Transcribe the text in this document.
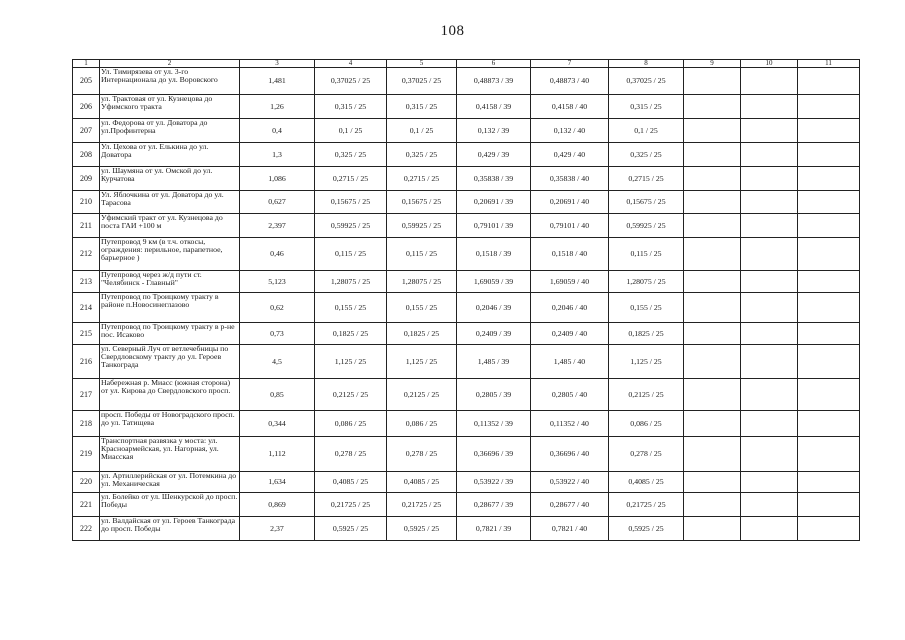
108
1	2	3	4	5	6	7	8	9	10	11
205	Ул. Тимирязева от ул. 3-го Интернационала до ул. Воровского	1,481	0,37025 / 25	0,37025 / 25	0,48873 / 39	0,48873 / 40	0,37025 / 25			
206	ул. Трактовая от ул. Кузнецова до Уфимского тракта	1,26	0,315 / 25	0,315 / 25	0,4158 / 39	0,4158 / 40	0,315 / 25			
207	ул. Федорова от ул. Доватора до ул.Профинтерна	0,4	0,1 / 25	0,1 / 25	0,132 / 39	0,132 / 40	0,1 / 25			
208	Ул. Цехова от ул. Елькина до ул. Доватора	1,3	0,325 / 25	0,325 / 25	0,429 / 39	0,429 / 40	0,325 / 25			
209	ул. Шаумяна от ул. Омской до ул. Курчатова	1,086	0,2715 / 25	0,2715 / 25	0,35838 / 39	0,35838 / 40	0,2715 / 25			
210	Ул. Яблочкина от ул. Доватора до ул. Тарасова	0,627	0,15675 / 25	0,15675 / 25	0,20691 / 39	0,20691 / 40	0,15675 / 25			
211	Уфимский тракт от ул. Кузнецова до поста ГАИ +100 м	2,397	0,59925 / 25	0,59925 / 25	0,79101 / 39	0,79101 / 40	0,59925 / 25			
212	Путепровод 9 км (в т.ч. откосы, ограждения: перильное, парапетное, барьерное )	0,46	0,115 / 25	0,115 / 25	0,1518 / 39	0,1518 / 40	0,115 / 25			
213	Путепровод через ж/д пути ст. "Челябинск - Главный"	5,123	1,28075 / 25	1,28075 / 25	1,69059 / 39	1,69059 / 40	1,28075 / 25			
214	Путепровод по Троицкому тракту в районе п.Новосинеглазово	0,62	0,155 / 25	0,155 / 25	0,2046 / 39	0,2046 / 40	0,155 / 25			
215	Путепровод по Троицкому тракту в р-не пос. Исаково	0,73	0,1825 / 25	0,1825 / 25	0,2409 / 39	0,2409 / 40	0,1825 / 25			
216	ул. Северный Луч от ветлечебницы по Свердловскому тракту до ул. Героев Танкограда	4,5	1,125 / 25	1,125 / 25	1,485 / 39	1,485 / 40	1,125 / 25			
217	Набережная р. Миасс (южная сторона) от ул. Кирова до Свердловского просп.	0,85	0,2125 / 25	0,2125 / 25	0,2805 / 39	0,2805 / 40	0,2125 / 25			
218	просп. Победы от Новоградского просп. до ул. Татищева	0,344	0,086 / 25	0,086 / 25	0,11352 / 39	0,11352 / 40	0,086 / 25			
219	Транспортная развязка у моста: ул. Красноармейская, ул. Нагорная, ул. Миасская	1,112	0,278 / 25	0,278 / 25	0,36696 / 39	0,36696 / 40	0,278 / 25			
220	ул. Артиллерийская от ул. Потемкина до ул. Механическая	1,634	0,4085 / 25	0,4085 / 25	0,53922 / 39	0,53922 / 40	0,4085 / 25			
221	ул. Болейко от ул. Шенкурской до просп. Победы	0,869	0,21725 / 25	0,21725 / 25	0,28677 / 39	0,28677 / 40	0,21725 / 25			
222	ул. Валдайская от ул. Героев Танкограда до просп. Победы	2,37	0,5925 / 25	0,5925 / 25	0,7821 / 39	0,7821 / 40	0,5925 / 25			
